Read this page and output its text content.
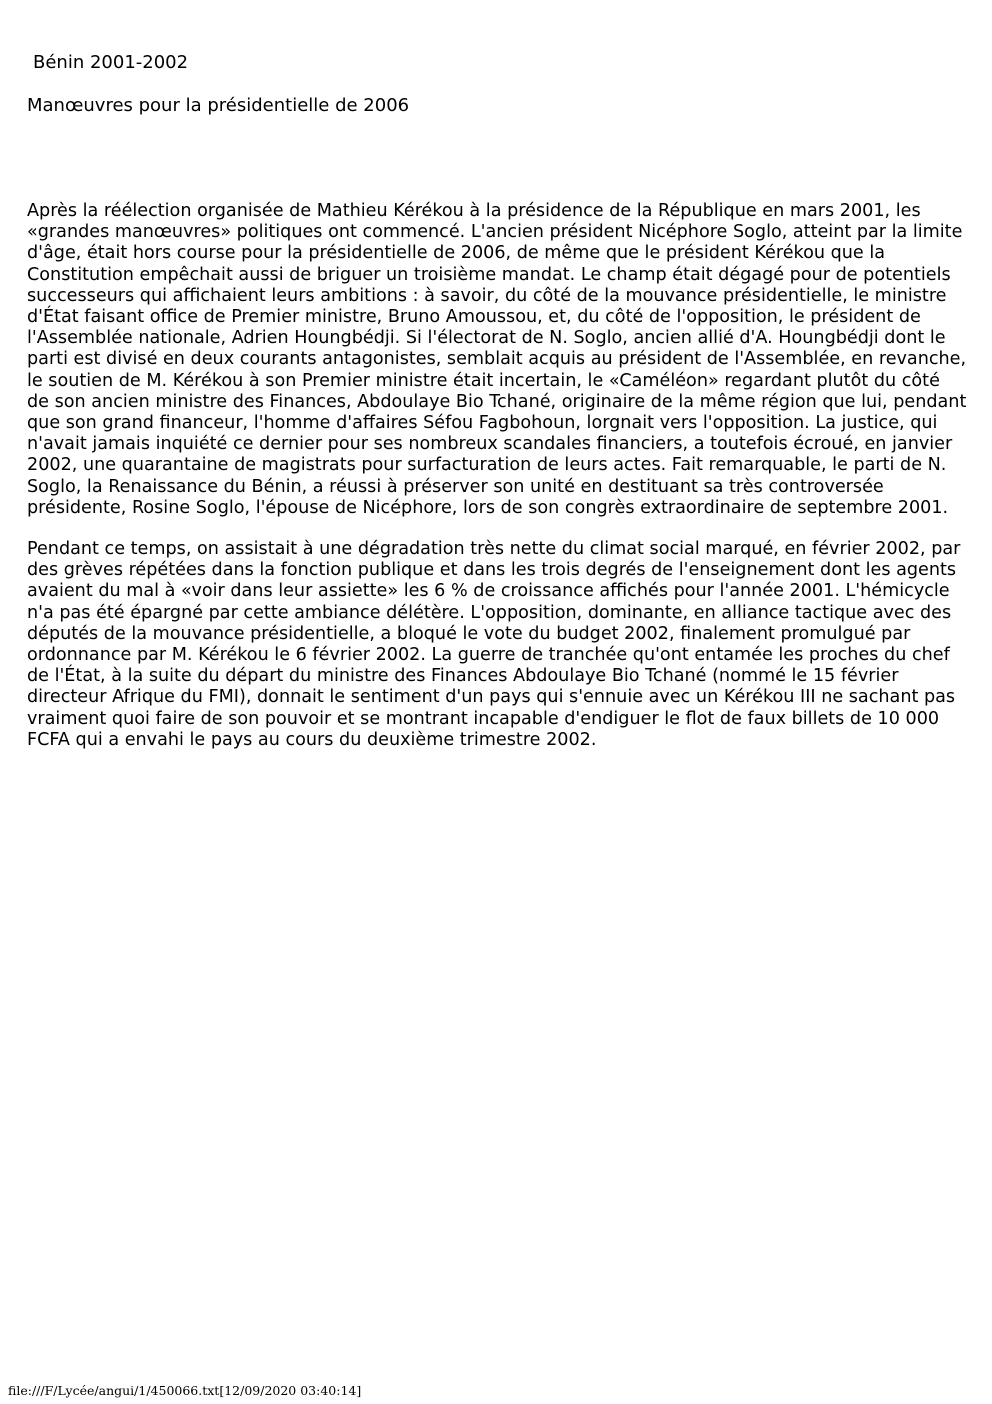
Bénin 2001-2002
Manœuvres pour la présidentielle de 2006

Après la réélection organisée de Mathieu Kérékou à la présidence de la République en mars 2001, les «grandes manœuvres» politiques ont commencé. L'ancien président Nicéphore Soglo, atteint par la limite d'âge, était hors course pour la présidentielle de 2006, de même que le président Kérékou que la Constitution empêchait aussi de briguer un troisième mandat. Le champ était dégagé pour de potentiels successeurs qui affichaient leurs ambitions : à savoir, du côté de la mouvance présidentielle, le ministre d'État faisant office de Premier ministre, Bruno Amoussou, et, du côté de l'opposition, le président de l'Assemblée nationale, Adrien Houngbédji. Si l'électorat de N. Soglo, ancien allié d'A. Houngbédji dont le parti est divisé en deux courants antagonistes, semblait acquis au président de l'Assemblée, en revanche, le soutien de M. Kérékou à son Premier ministre était incertain, le «Caméléon» regardant plutôt du côté de son ancien ministre des Finances, Abdoulaye Bio Tchané, originaire de la même région que lui, pendant que son grand financeur, l'homme d'affaires Séfou Fagbohoun, lorgnait vers l'opposition. La justice, qui n'avait jamais inquiété ce dernier pour ses nombreux scandales financiers, a toutefois écroué, en janvier 2002, une quarantaine de magistrats pour surfacturation de leurs actes. Fait remarquable, le parti de N. Soglo, la Renaissance du Bénin, a réussi à préserver son unité en destituant sa très controversée présidente, Rosine Soglo, l'épouse de Nicéphore, lors de son congrès extraordinaire de septembre 2001.

Pendant ce temps, on assistait à une dégradation très nette du climat social marqué, en février 2002, par des grèves répétées dans la fonction publique et dans les trois degrés de l'enseignement dont les agents avaient du mal à «voir dans leur assiette» les 6 % de croissance affichés pour l'année 2001. L'hémicycle n'a pas été épargné par cette ambiance délétère. L'opposition, dominante, en alliance tactique avec des députés de la mouvance présidentielle, a bloqué le vote du budget 2002, finalement promulgué par ordonnance par M. Kérékou le 6 février 2002. La guerre de tranchée qu'ont entamée les proches du chef de l'État, à la suite du départ du ministre des Finances Abdoulaye Bio Tchané (nommé le 15 février directeur Afrique du FMI), donnait le sentiment d'un pays qui s'ennuie avec un Kérékou III ne sachant pas vraiment quoi faire de son pouvoir et se montrant incapable d'endiguer le flot de faux billets de 10 000 FCFA qui a envahi le pays au cours du deuxième trimestre 2002.

file:///F/Lycée/angui/1/450066.txt[12/09/2020 03:40:14]
